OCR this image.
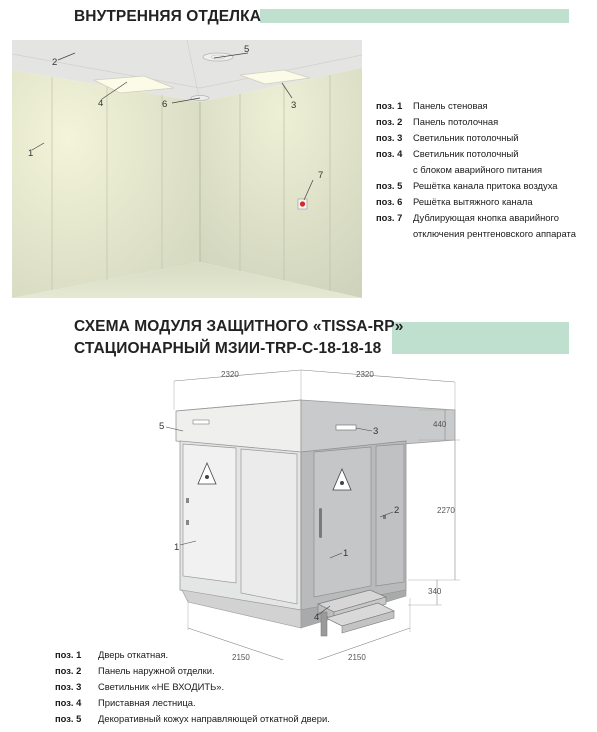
ВНУТРЕННЯЯ ОТДЕЛКА
1
2
3
4
5
6
7
поз. 1 Панель стеновая
поз. 2 Панель потолочная
поз. 3 Светильник потолочный
поз. 4 Светильник потолочный
с блоком аварийного питания
поз. 5 Решётка канала притока воздуха
поз. 6 Решётка вытяжного канала
поз. 7 Дублирующая кнопка аварийного
отключения рентгеновского аппарата
СХЕМА МОДУЛЯ ЗАЩИТНОГО «TISSA-RP»
СТАЦИОНАРНЫЙ МЗИИ-TRP-С-18-18-18
2320	2320
440
2270
340
2150	2150
5	3
1
1
2
4
поз. 1 Дверь откатная.
поз. 2 Панель наружной отделки.
поз. 3 Светильник «НЕ ВХОДИТЬ».
поз. 4 Приставная лестница.
поз. 5 Декоративный кожух направляющей откатной двери.
